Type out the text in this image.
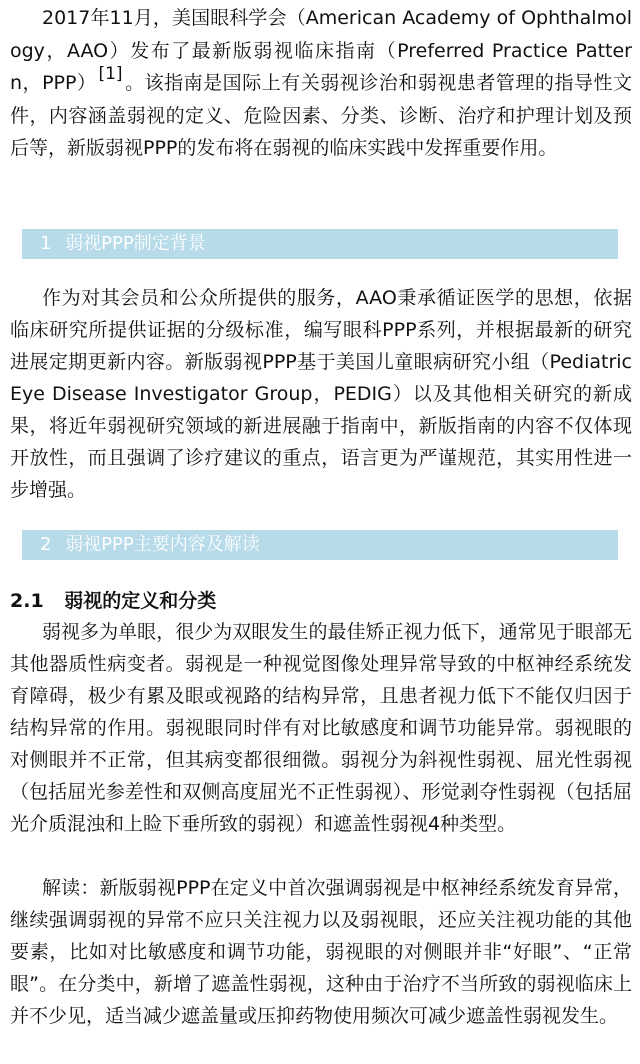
2017年11月，美国眼科学会（American Academy of Ophthalmology，AAO）发布了最新版弱视临床指南（Preferred Practice Pattern，PPP） [1] 。该指南是国际上有关弱视诊治和弱视患者管理的指导性文件，内容涵盖弱视的定义、危险因素、分类、诊断、治疗和护理计划及预后等，新版弱视PPP的发布将在弱视的临床实践中发挥重要作用。

1 弱视PPP制定背景

作为对其会员和公众所提供的服务，AAO秉承循证医学的思想，依据临床研究所提供证据的分级标准，编写眼科PPP系列，并根据最新的研究进展定期更新内容。新版弱视PPP基于美国儿童眼病研究小组（Pediatric Eye Disease Investigator Group，PEDIG）以及其他相关研究的新成果，将近年弱视研究领域的新进展融于指南中，新版指南的内容不仅体现开放性，而且强调了诊疗建议的重点，语言更为严谨规范，其实用性进一步增强。

2 弱视PPP主要内容及解读
2.1 弱视的定义和分类

弱视多为单眼，很少为双眼发生的最佳矫正视力低下，通常见于眼部无其他器质性病变者。弱视是一种视觉图像处理异常导致的中枢神经系统发育障碍，极少有累及眼或视路的结构异常，且患者视力低下不能仅归因于结构异常的作用。弱视眼同时伴有对比敏感度和调节功能异常。弱视眼的对侧眼并不正常，但其病变都很细微。弱视分为斜视性弱视、屈光性弱视（包括屈光参差性和双侧高度屈光不正性弱视）、形觉剥夺性弱视（包括屈光介质混浊和上睑下垂所致的弱视）和遮盖性弱视4种类型。

解读：新版弱视PPP在定义中首次强调弱视是中枢神经系统发育异常，继续强调弱视的异常不应只关注视力以及弱视眼，还应关注视功能的其他要素，比如对比敏感度和调节功能，弱视眼的对侧眼并非“好眼”、“正常眼”。在分类中，新增了遮盖性弱视，这种由于治疗不当所致的弱视临床上并不少见，适当减少遮盖量或压抑药物使用频次可减少遮盖性弱视发生。
